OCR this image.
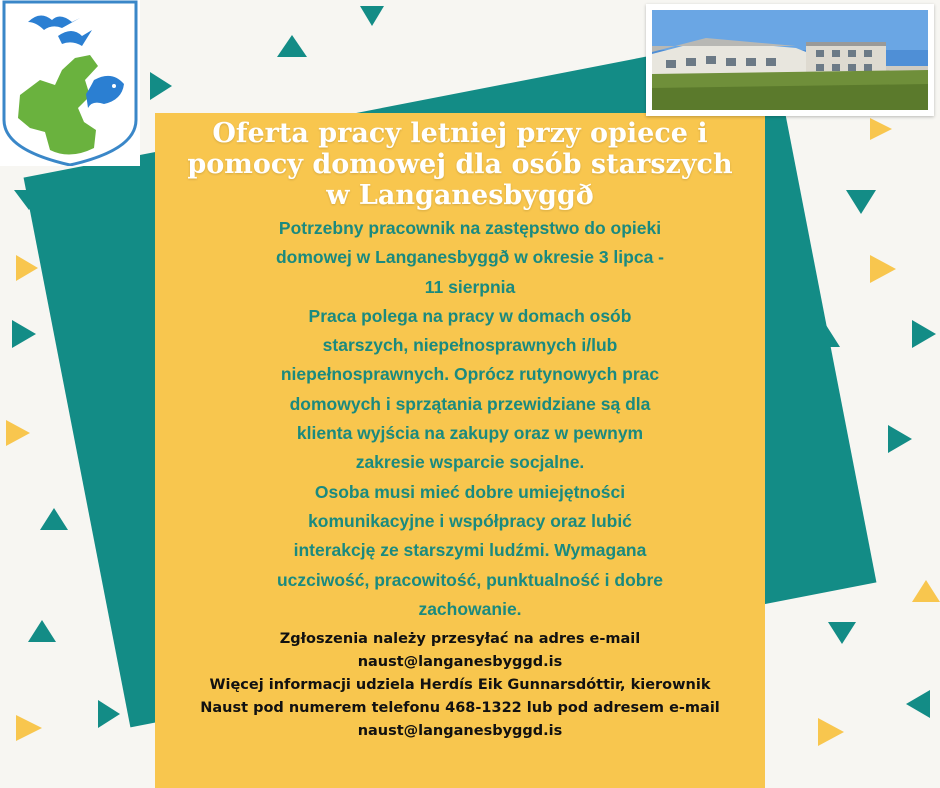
Oferta pracy letniej przy opiece i
pomocy domowej dla osób starszych
w Langanesbyggð
Potrzebny pracownik na zastępstwo do opieki
domowej w Langanesbyggð w okresie 3 lipca -
11 sierpnia
Praca polega na pracy w domach osób
starszych, niepełnosprawnych i/lub
niepełnosprawnych. Oprócz rutynowych prac
domowych i sprzątania przewidziane są dla
klienta wyjścia na zakupy oraz w pewnym
zakresie wsparcie socjalne.
Osoba musi mieć dobre umiejętności
komunikacyjne i współpracy oraz lubić
interakcję ze starszymi ludźmi. Wymagana
uczciwość, pracowitość, punktualność i dobre
zachowanie.
Zgłoszenia należy przesyłać na adres e-mail
naust@langanesbyggd.is
Więcej informacji udziela Herdís Eik Gunnarsdóttir, kierownik
Naust pod numerem telefonu 468-1322 lub pod adresem e-mail
naust@langanesbyggd.is
